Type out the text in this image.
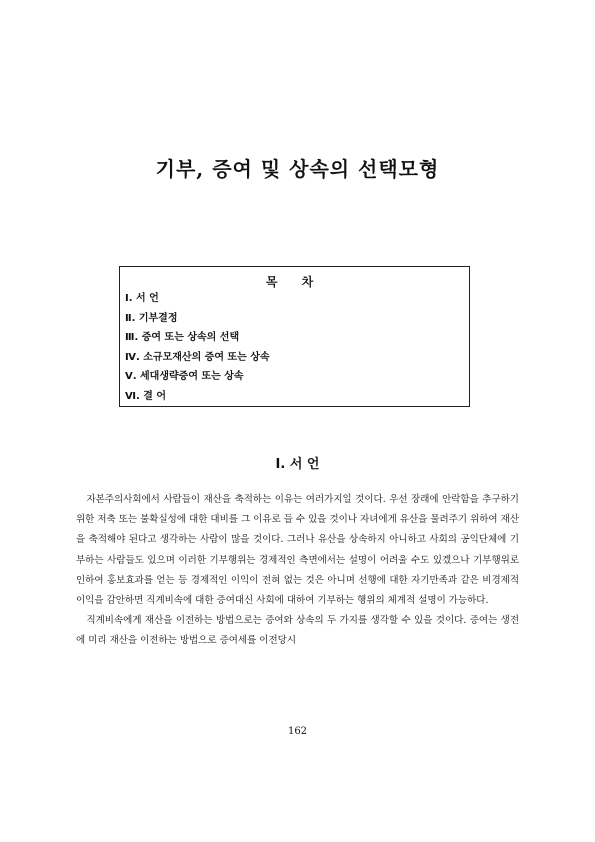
기부, 증여 및 상속의 선택모형
목 차
Ⅰ. 서 언
Ⅱ. 기부결정
Ⅲ. 증여 또는 상속의 선택
Ⅳ. 소규모재산의 증여 또는 상속
Ⅴ. 세대생략증여 또는 상속
Ⅵ. 결 어
Ⅰ. 서 언

자본주의사회에서 사람들이 재산을 축적하는 이유는 여러가지일 것이다. 우선 장래에 안락함을 추구하기 위한 저축 또는 불확실성에 대한 대비를 그 이유로 들 수 있을 것이나 자녀에게 유산을 물려주기 위하여 재산을 축적해야 된다고 생각하는 사람이 많을 것이다. 그러나 유산을 상속하지 아니하고 사회의 공익단체에 기부하는 사람들도 있으며 이러한 기부행위는 경제적인 측면에서는 설명이 어려울 수도 있겠으나 기부행위로 인하여 홍보효과를 얻는 등 경제적인 이익이 전혀 없는 것은 아니며 선행에 대한 자기만족과 같은 비경제적 이익을 감안하면 직계비속에 대한 증여대신 사회에 대하여 기부하는 행위의 체계적 설명이 가능하다.

직계비속에게 재산을 이전하는 방법으로는 증여와 상속의 두 가지를 생각할 수 있을 것이다. 증여는 생전에 미리 재산을 이전하는 방법으로 증여세를 이전당시

162
